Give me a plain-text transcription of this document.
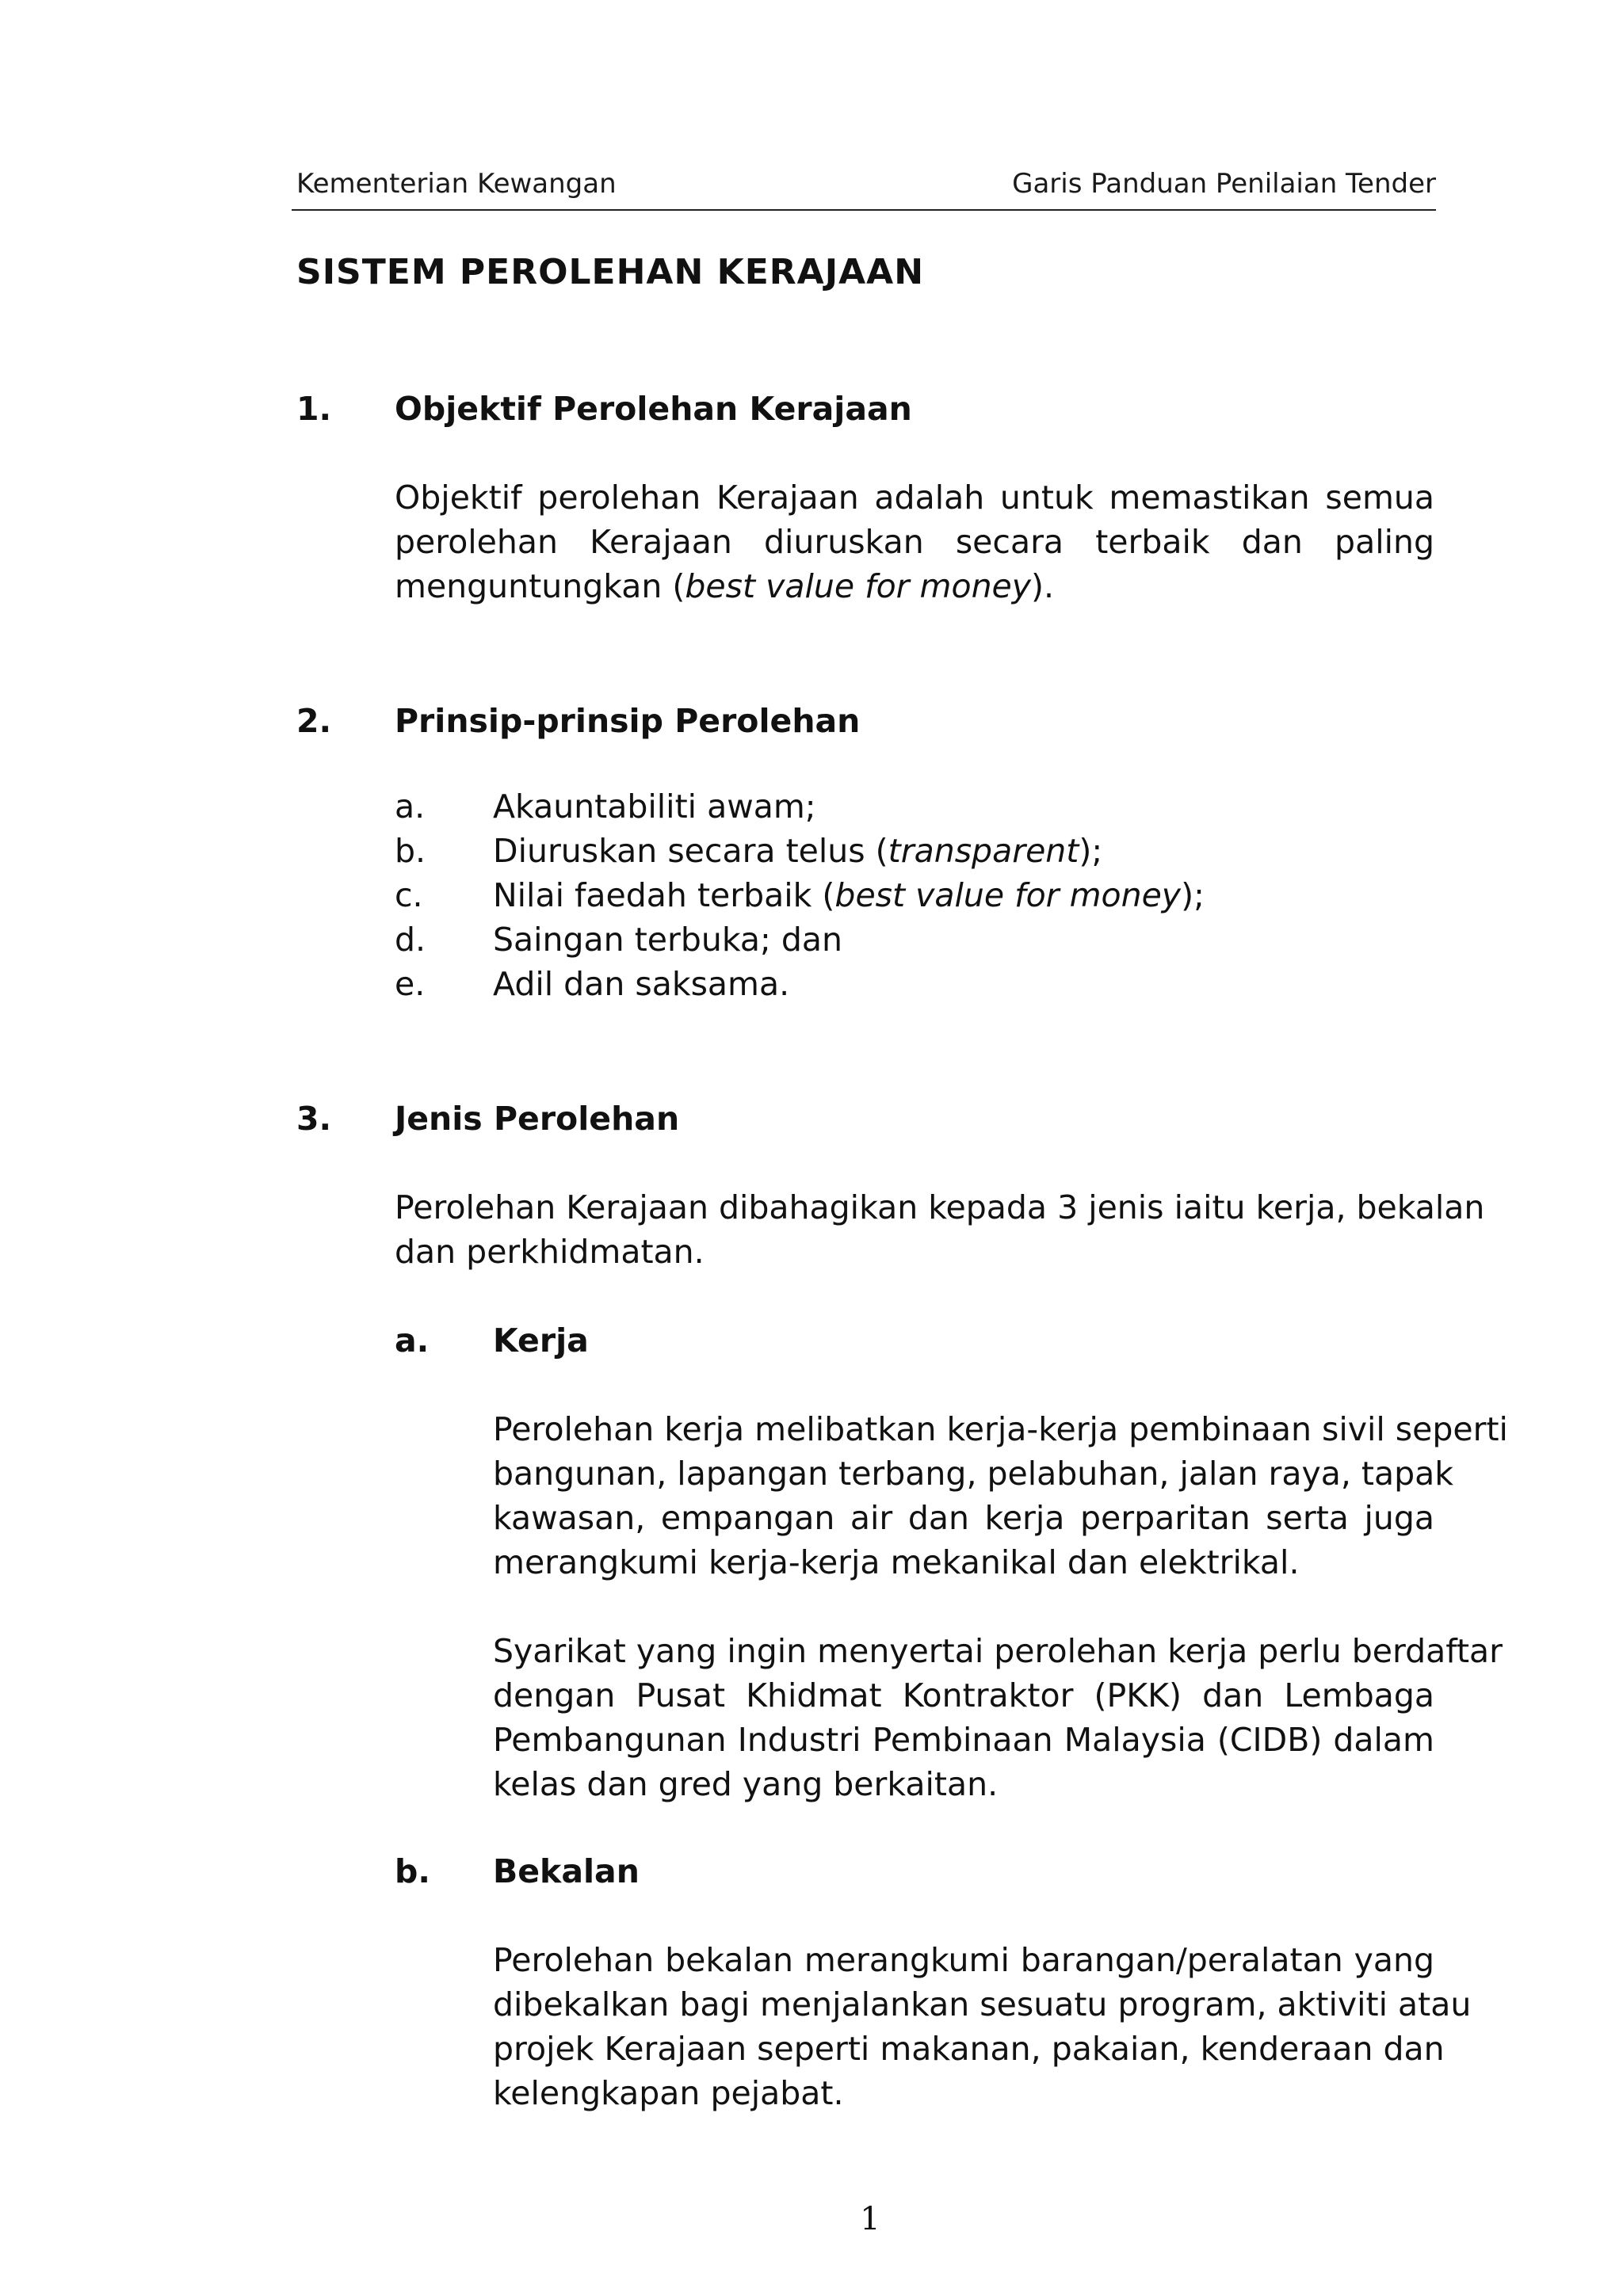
Kementerian Kewangan	Garis Panduan Penilaian Tender
SISTEM PEROLEHAN KERAJAAN
1. Objektif Perolehan Kerajaan
Objektif perolehan Kerajaan adalah untuk memastikan semua
perolehan Kerajaan diuruskan secara terbaik dan paling
menguntungkan (best value for money).
2. Prinsip-prinsip Perolehan
a. Akauntabiliti awam;
b. Diuruskan secara telus (transparent);
c. Nilai faedah terbaik (best value for money);
d. Saingan terbuka; dan
e. Adil dan saksama.
3. Jenis Perolehan
Perolehan Kerajaan dibahagikan kepada 3 jenis iaitu kerja, bekalan
dan perkhidmatan.
a. Kerja
Perolehan kerja melibatkan kerja-kerja pembinaan sivil seperti
bangunan, lapangan terbang, pelabuhan, jalan raya, tapak
kawasan, empangan air dan kerja perparitan serta juga
merangkumi kerja-kerja mekanikal dan elektrikal.
Syarikat yang ingin menyertai perolehan kerja perlu berdaftar
dengan Pusat Khidmat Kontraktor (PKK) dan Lembaga
Pembangunan Industri Pembinaan Malaysia (CIDB) dalam
kelas dan gred yang berkaitan.
b. Bekalan
Perolehan bekalan merangkumi barangan/peralatan yang
dibekalkan bagi menjalankan sesuatu program, aktiviti atau
projek Kerajaan seperti makanan, pakaian, kenderaan dan
kelengkapan pejabat.
1
